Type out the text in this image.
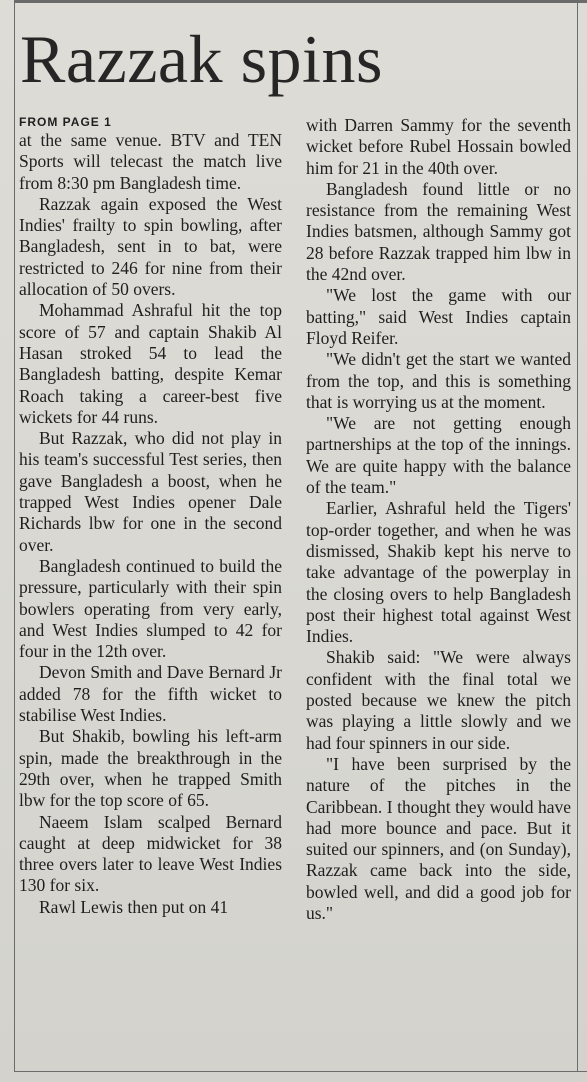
Razzak spins
FROM PAGE 1

at the same venue. BTV and TEN Sports will telecast the match live from 8:30 pm Bangladesh time.

Razzak again exposed the West Indies' frailty to spin bowling, after Bangladesh, sent in to bat, were restricted to 246 for nine from their allocation of 50 overs.

Mohammad Ashraful hit the top score of 57 and captain Shakib Al Hasan stroked 54 to lead the Bangladesh batting, despite Kemar Roach taking a career-best five wickets for 44 runs.

But Razzak, who did not play in his team's successful Test series, then gave Bangladesh a boost, when he trapped West Indies opener Dale Richards lbw for one in the second over.

Bangladesh continued to build the pressure, particularly with their spin bowlers operating from very early, and West Indies slumped to 42 for four in the 12th over.

Devon Smith and Dave Bernard Jr added 78 for the fifth wicket to stabilise West Indies.

But Shakib, bowling his left-arm spin, made the breakthrough in the 29th over, when he trapped Smith lbw for the top score of 65.

Naeem Islam scalped Bernard caught at deep midwicket for 38 three overs later to leave West Indies 130 for six.

Rawl Lewis then put on 41

with Darren Sammy for the seventh wicket before Rubel Hossain bowled him for 21 in the 40th over.

Bangladesh found little or no resistance from the remaining West Indies batsmen, although Sammy got 28 before Razzak trapped him lbw in the 42nd over.

"We lost the game with our batting," said West Indies captain Floyd Reifer.

"We didn't get the start we wanted from the top, and this is something that is worrying us at the moment.

"We are not getting enough partnerships at the top of the innings. We are quite happy with the balance of the team."

Earlier, Ashraful held the Tigers' top-order together, and when he was dismissed, Shakib kept his nerve to take advantage of the powerplay in the closing overs to help Bangladesh post their highest total against West Indies.

Shakib said: "We were always confident with the final total we posted because we knew the pitch was playing a little slowly and we had four spinners in our side.

"I have been surprised by the nature of the pitches in the Caribbean. I thought they would have had more bounce and pace. But it suited our spinners, and (on Sunday), Razzak came back into the side, bowled well, and did a good job for us."
